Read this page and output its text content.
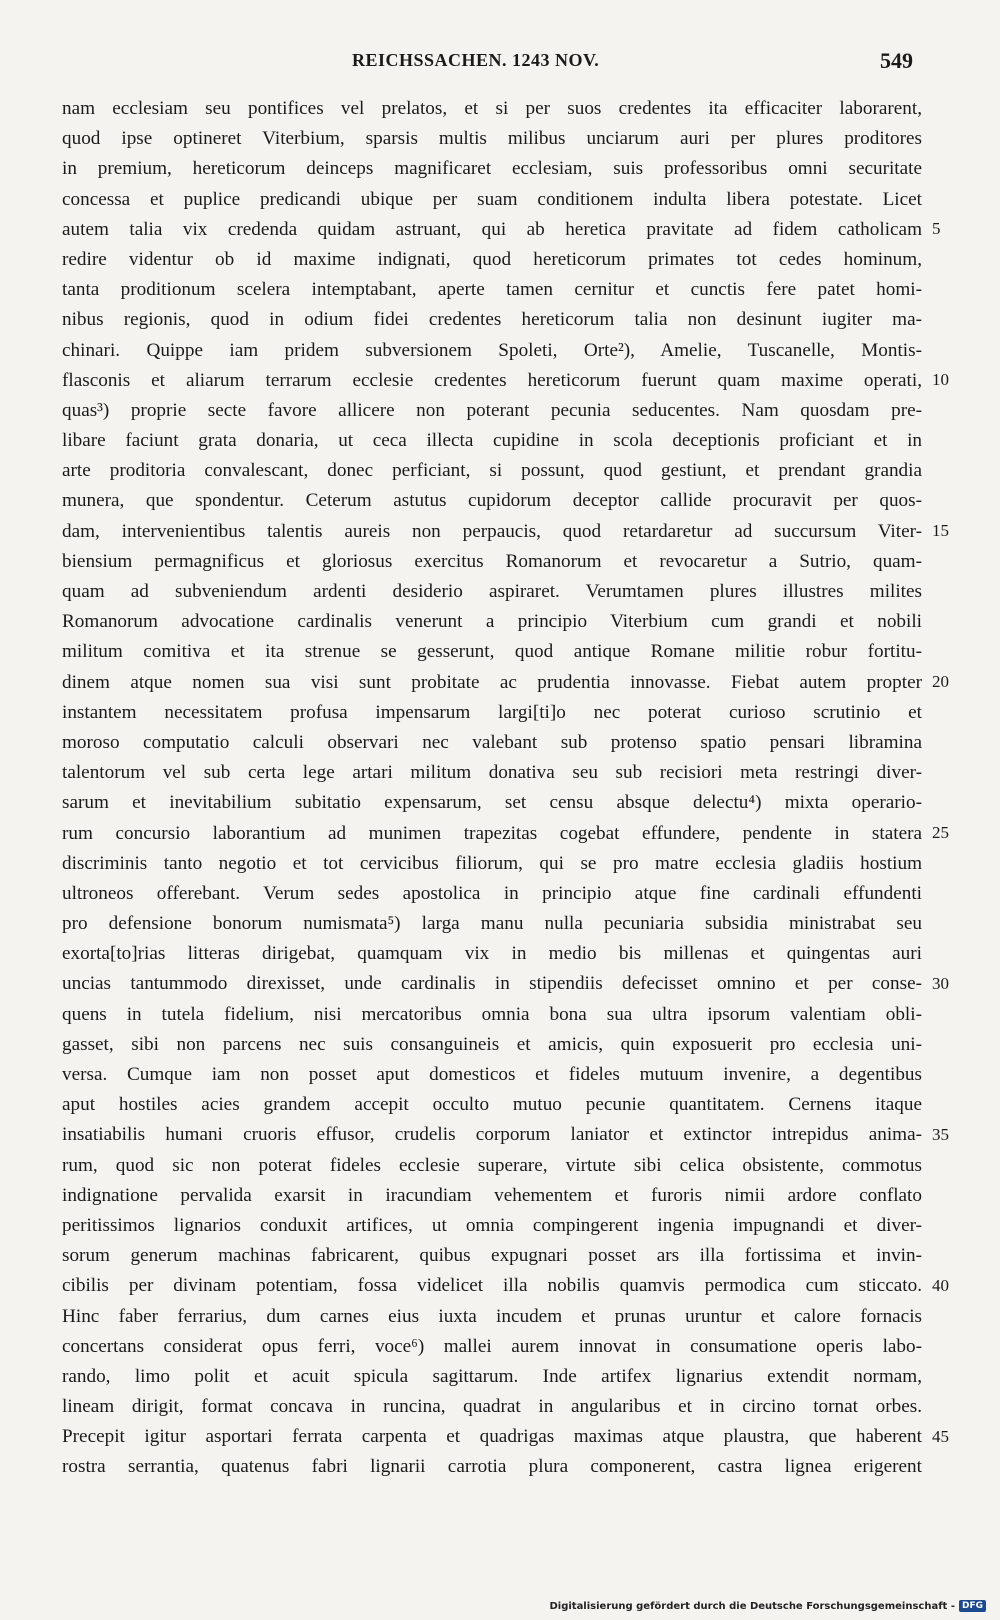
REICHSSACHEN. 1243 NOV.	549
nam ecclesiam seu pontifices vel prelatos, et si per suos credentes ita efficaciter laborarent,
quod ipse optineret Viterbium, sparsis multis milibus unciarum auri per plures proditores
in premium, hereticorum deinceps magnificaret ecclesiam, suis professoribus omni securitate
concessa et puplice predicandi ubique per suam conditionem indulta libera potestate. Licet
autem talia vix credenda quidam astruant, qui ab heretica pravitate ad fidem catholicam
redire videntur ob id maxime indignati, quod hereticorum primates tot cedes hominum,
tanta proditionum scelera intemptabant, aperte tamen cernitur et cunctis fere patet homi-
nibus regionis, quod in odium fidei credentes hereticorum talia non desinunt iugiter ma-
chinari. Quippe iam pridem subversionem Spoleti, Orte²), Amelie, Tuscanelle, Montis-
flasconis et aliarum terrarum ecclesie credentes hereticorum fuerunt quam maxime operati,
quas³) proprie secte favore allicere non poterant pecunia seducentes. Nam quosdam pre-
libare faciunt grata donaria, ut ceca illecta cupidine in scola deceptionis proficiant et in
arte proditoria convalescant, donec perficiant, si possunt, quod gestiunt, et prendant grandia
munera, que spondentur. Ceterum astutus cupidorum deceptor callide procuravit per quos-
dam, intervenientibus talentis aureis non perpaucis, quod retardaretur ad succursum Viter-
biensium permagnificus et gloriosus exercitus Romanorum et revocaretur a Sutrio, quam-
quam ad subveniendum ardenti desiderio aspiraret. Verumtamen plures illustres milites
Romanorum advocatione cardinalis venerunt a principio Viterbium cum grandi et nobili
militum comitiva et ita strenue se gesserunt, quod antique Romane militie robur fortitu-
dinem atque nomen sua visi sunt probitate ac prudentia innovasse. Fiebat autem propter
instantem necessitatem profusa impensarum largi[ti]o nec poterat curioso scrutinio et
moroso computatio calculi observari nec valebant sub protenso spatio pensari libramina
talentorum vel sub certa lege artari militum donativa seu sub recisiori meta restringi diver-
sarum et inevitabilium subitatio expensarum, set censu absque delectu⁴) mixta operario-
rum concursio laborantium ad munimen trapezitas cogebat effundere, pendente in statera
discriminis tanto negotio et tot cervicibus filiorum, qui se pro matre ecclesia gladiis hostium
ultroneos offerebant. Verum sedes apostolica in principio atque fine cardinali effundenti
pro defensione bonorum numismata⁵) larga manu nulla pecuniaria subsidia ministrabat seu
exorta[to]rias litteras dirigebat, quamquam vix in medio bis millenas et quingentas auri
uncias tantummodo direxisset, unde cardinalis in stipendiis defecisset omnino et per conse-
quens in tutela fidelium, nisi mercatoribus omnia bona sua ultra ipsorum valentiam obli-
gasset, sibi non parcens nec suis consanguineis et amicis, quin exposuerit pro ecclesia uni-
versa. Cumque iam non posset aput domesticos et fideles mutuum invenire, a degentibus
aput hostiles acies grandem accepit occulto mutuo pecunie quantitatem. Cernens itaque
insatiabilis humani cruoris effusor, crudelis corporum laniator et extinctor intrepidus anima-
rum, quod sic non poterat fideles ecclesie superare, virtute sibi celica obsistente, commotus
indignatione pervalida exarsit in iracundiam vehementem et furoris nimii ardore conflato
peritissimos lignarios conduxit artifices, ut omnia compingerent ingenia impugnandi et diver-
sorum generum machinas fabricarent, quibus expugnari posset ars illa fortissima et invin-
cibilis per divinam potentiam, fossa videlicet illa nobilis quamvis permodica cum sticcato.
Hinc faber ferrarius, dum carnes eius iuxta incudem et prunas uruntur et calore fornacis
concertans considerat opus ferri, voce⁶) mallei aurem innovat in consumatione operis labo-
rando, limo polit et acuit spicula sagittarum. Inde artifex lignarius extendit normam,
lineam dirigit, format concava in runcina, quadrat in angularibus et in circino tornat orbes.
Precepit igitur asportari ferrata carpenta et quadrigas maximas atque plaustra, que haberent
rostra serrantia, quatenus fabri lignarii carrotia plura componerent, castra lignea erigerent
5
10
15
20
25
30
35
40
45
Digitalisierung gefördert durch die Deutsche Forschungsgemeinschaft - DFG
